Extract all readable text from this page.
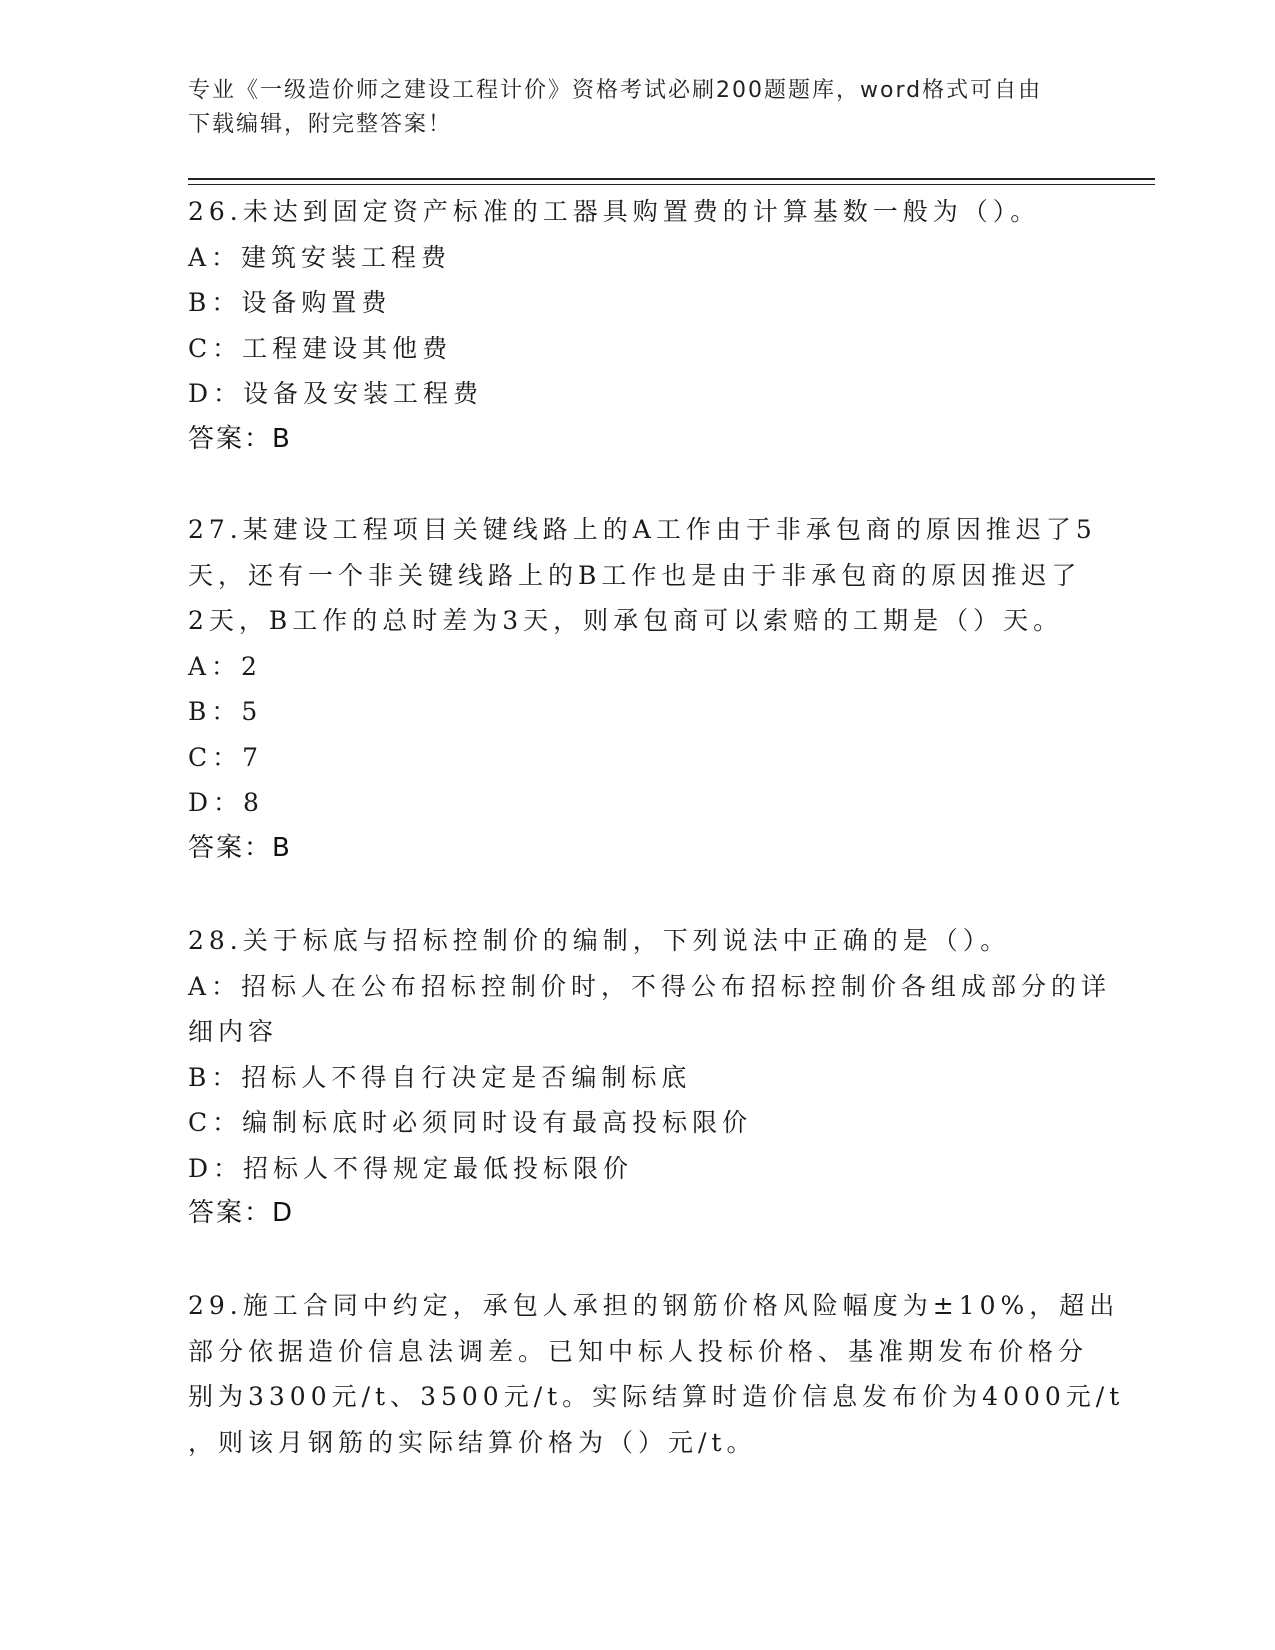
专业《一级造价师之建设工程计价》资格考试必刷200题题库，word格式可自由
下载编辑，附完整答案！
26.未达到固定资产标准的工器具购置费的计算基数一般为（）。
A：建筑安装工程费
B：设备购置费
C：工程建设其他费
D：设备及安装工程费
答案：B
27.某建设工程项目关键线路上的A工作由于非承包商的原因推迟了5
天，还有一个非关键线路上的B工作也是由于非承包商的原因推迟了
2天，B工作的总时差为3天，则承包商可以索赔的工期是（）天。
A：2
B：5
C：7
D：8
答案：B
28.关于标底与招标控制价的编制，下列说法中正确的是（）。
A：招标人在公布招标控制价时，不得公布招标控制价各组成部分的详
细内容
B：招标人不得自行决定是否编制标底
C：编制标底时必须同时设有最高投标限价
D：招标人不得规定最低投标限价
答案：D
29.施工合同中约定，承包人承担的钢筋价格风险幅度为±10%，超出
部分依据造价信息法调差。已知中标人投标价格、基准期发布价格分
别为3300元/t、3500元/t。实际结算时造价信息发布价为4000元/t
，则该月钢筋的实际结算价格为（）元/t。
